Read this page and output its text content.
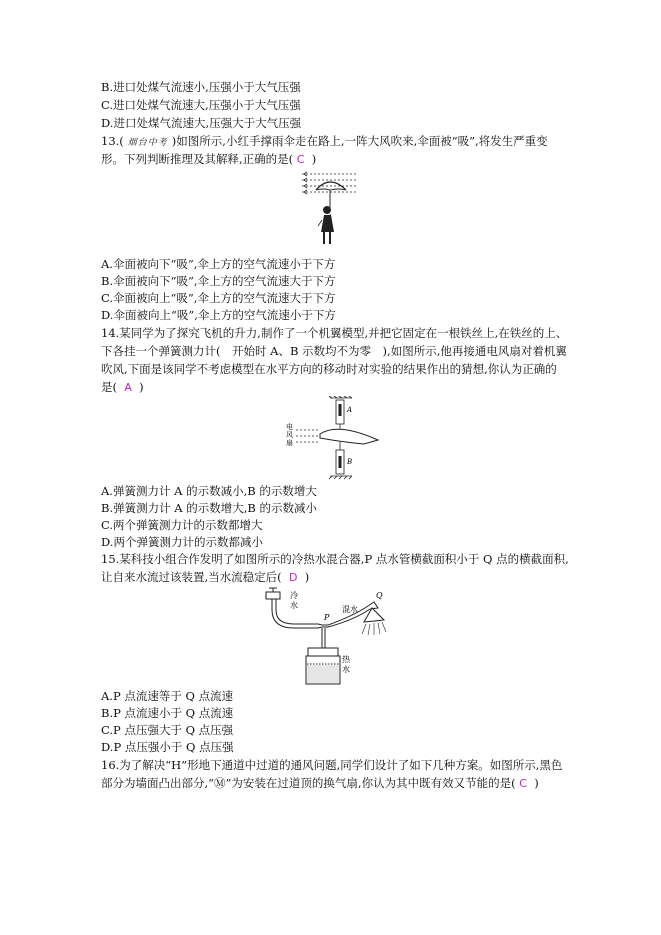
B.进口处煤气流速小,压强小于大气压强
C.进口处煤气流速大,压强小于大气压强
D.进口处煤气流速大,压强大于大气压强
13.( 烟台中考 )如图所示,小红手撑雨伞走在路上,一阵大风吹来,伞面被“吸”,将发生严重变
形。下列判断推理及其解释,正确的是( C )
A.伞面被向下“吸”,伞上方的空气流速小于下方
B.伞面被向下“吸”,伞上方的空气流速大于下方
C.伞面被向上“吸”,伞上方的空气流速大于下方
D.伞面被向上“吸”,伞上方的空气流速小于下方
14.某同学为了探究飞机的升力,制作了一个机翼模型,并把它固定在一根铁丝上,在铁丝的上、
下各挂一个弹簧测力计(　开始时 A、B 示数均不为零　),如图所示,他再接通电风扇对着机翼
吹风,下面是该同学不考虑模型在水平方向的移动时对实验的结果作出的猜想,你认为正确的
是( A )
电
风
扇
A
B
A.弹簧测力计 A 的示数减小,B 的示数增大
B.弹簧测力计 A 的示数增大,B 的示数减小
C.两个弹簧测力计的示数都增大
D.两个弹簧测力计的示数都减小
15.某科技小组合作发明了如图所示的冷热水混合器,P 点水管横截面积小于 Q 点的横截面积,
让自来水流过该装置,当水流稳定后( D )
冷
水	混水
热
水
P
Q
A.P 点流速等于 Q 点流速
B.P 点流速小于 Q 点流速
C.P 点压强大于 Q 点压强
D.P 点压强小于 Q 点压强
16.为了解决“H”形地下通道中过道的通风问题,同学们设计了如下几种方案。如图所示,黑色
部分为墙面凸出部分,“Ⓜ”为安装在过道顶的换气扇,你认为其中既有效又节能的是( C )
